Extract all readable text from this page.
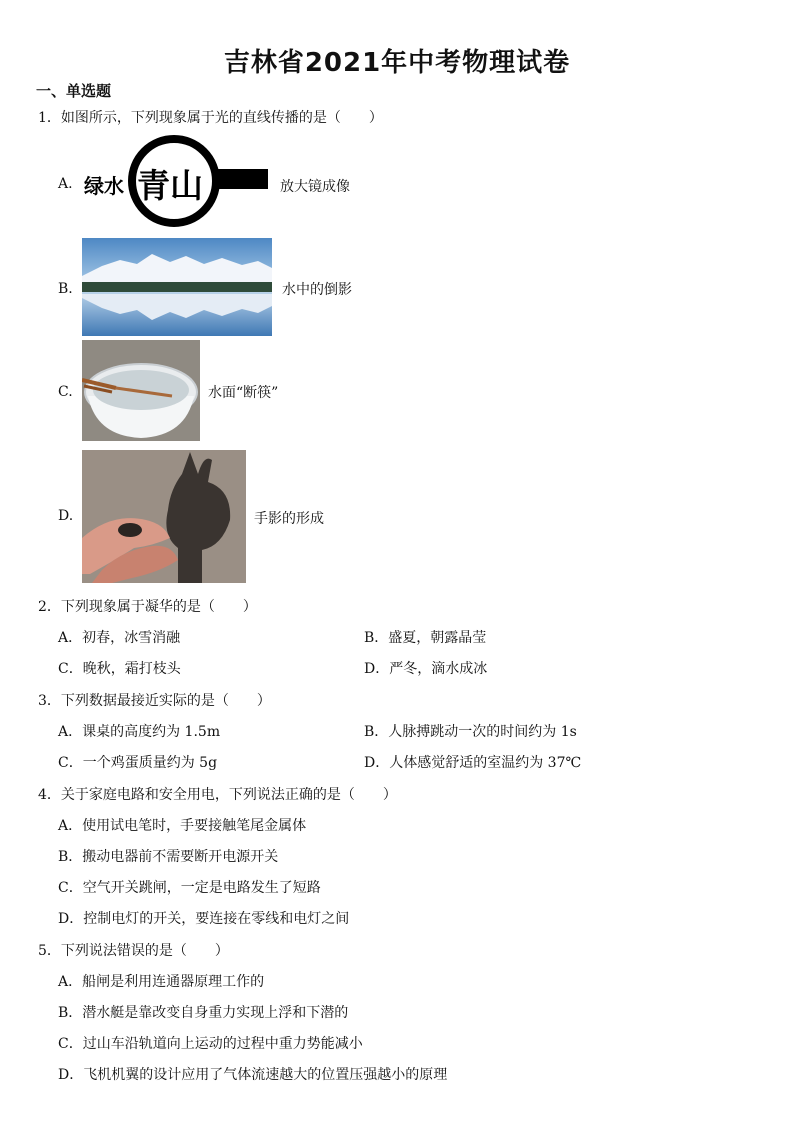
吉林省2021年中考物理试卷
一、单选题
1．如图所示，下列现象属于光的直线传播的是（　　）
A. 绿水 青山	放大镜成像
B.	水中的倒影
C.	水面“断筷”
D.	手影的形成
2．下列现象属于凝华的是（　　）
A．初春，冰雪消融	B．盛夏，朝露晶莹
C．晚秋，霜打枝头	D．严冬，滴水成冰
3．下列数据最接近实际的是（　　）
A．课桌的高度约为 1.5m	B．人脉搏跳动一次的时间约为 1s
C．一个鸡蛋质量约为 5g	D．人体感觉舒适的室温约为 37℃
4．关于家庭电路和安全用电，下列说法正确的是（　　）
A．使用试电笔时，手要接触笔尾金属体
B．搬动电器前不需要断开电源开关
C．空气开关跳闸，一定是电路发生了短路
D．控制电灯的开关，要连接在零线和电灯之间
5．下列说法错误的是（　　）
A．船闸是利用连通器原理工作的
B．潜水艇是靠改变自身重力实现上浮和下潜的
C．过山车沿轨道向上运动的过程中重力势能减小
D．飞机机翼的设计应用了气体流速越大的位置压强越小的原理
